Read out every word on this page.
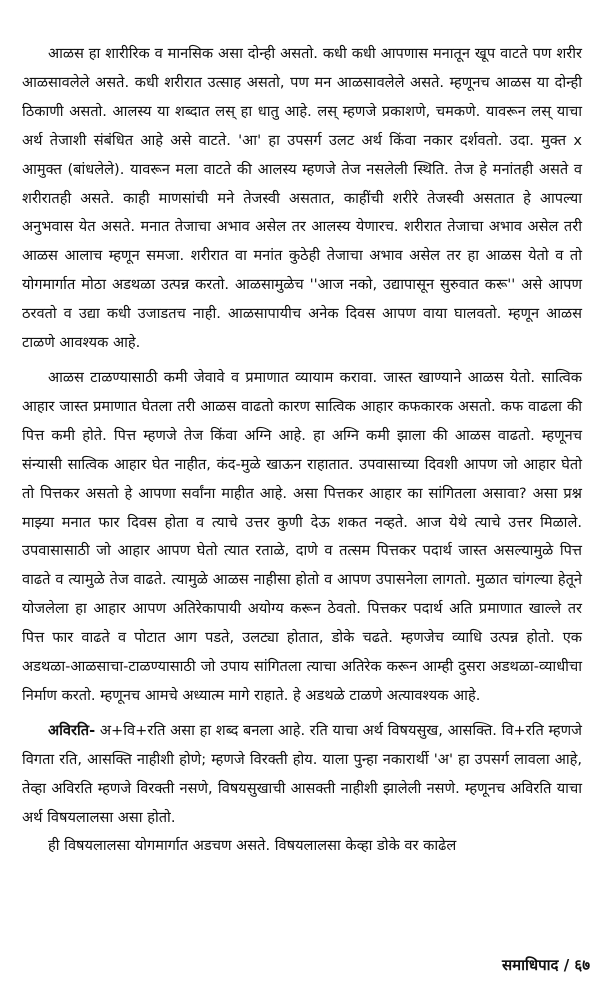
आळस हा शारीरिक व मानसिक असा दोन्ही असतो. कधी कधी आपणास मनातून खूप वाटते पण शरीर आळसावलेले असते. कधी शरीरात उत्साह असतो, पण मन आळसावलेले असते. म्हणूनच आळस या दोन्ही ठिकाणी असतो. आलस्य या शब्दात लस् हा धातु आहे. लस् म्हणजे प्रकाशणे, चमकणे. यावरून लस् याचा अर्थ तेजाशी संबंधित आहे असे वाटते. 'आ' हा उपसर्ग उलट अर्थ किंवा नकार दर्शवतो. उदा. मुक्त x आमुक्त (बांधलेले). यावरून मला वाटते की आलस्य म्हणजे तेज नसलेली स्थिति. तेज हे मनांतही असते व शरीरातही असते. काही माणसांची मने तेजस्वी असतात, काहींची शरीरे तेजस्वी असतात हे आपल्या अनुभवास येत असते. मनात तेजाचा अभाव असेल तर आलस्य येणारच. शरीरात तेजाचा अभाव असेल तरी आळस आलाच म्हणून समजा. शरीरात वा मनांत कुठेही तेजाचा अभाव असेल तर हा आळस येतो व तो योगमार्गात मोठा अडथळा उत्पन्न करतो. आळसामुळेच ''आज नको, उद्यापासून सुरुवात करू'' असे आपण ठरवतो व उद्या कधी उजाडतच नाही. आळसापायीच अनेक दिवस आपण वाया घालवतो. म्हणून आळस टाळणे आवश्यक आहे.

आळस टाळण्यासाठी कमी जेवावे व प्रमाणात व्यायाम करावा. जास्त खाण्याने आळस येतो. सात्विक आहार जास्त प्रमाणात घेतला तरी आळस वाढतो कारण सात्विक आहार कफकारक असतो. कफ वाढला की पित्त कमी होते. पित्त म्हणजे तेज किंवा अग्नि आहे. हा अग्नि कमी झाला की आळस वाढतो. म्हणूनच संन्यासी सात्विक आहार घेत नाहीत, कंद-मुळे खाऊन राहातात. उपवासाच्या दिवशी आपण जो आहार घेतो तो पित्तकर असतो हे आपणा सर्वांना माहीत आहे. असा पित्तकर आहार का सांगितला असावा? असा प्रश्न माझ्या मनात फार दिवस होता व त्याचे उत्तर कुणी देऊ शकत नव्हते. आज येथे त्याचे उत्तर मिळाले. उपवासासाठी जो आहार आपण घेतो त्यात रताळे, दाणे व तत्सम पित्तकर पदार्थ जास्त असल्यामुळे पित्त वाढते व त्यामुळे तेज वाढते. त्यामुळे आळस नाहीसा होतो व आपण उपासनेला लागतो. मुळात चांगल्या हेतूने योजलेला हा आहार आपण अतिरेकापायी अयोग्य करून ठेवतो. पित्तकर पदार्थ अति प्रमाणात खाल्ले तर पित्त फार वाढते व पोटात आग पडते, उलट्या होतात, डोके चढते. म्हणजेच व्याधि उत्पन्न होतो. एक अडथळा-आळसाचा-टाळण्यासाठी जो उपाय सांगितला त्याचा अतिरेक करून आम्ही दुसरा अडथळा-व्याधीचा निर्माण करतो. म्हणूनच आमचे अध्यात्म मागे राहाते. हे अडथळे टाळणे अत्यावश्यक आहे.

अविरति- अ+वि+रति असा हा शब्द बनला आहे. रति याचा अर्थ विषयसुख, आसक्ति. वि+रति म्हणजे विगता रति, आसक्ति नाहीशी होणे; म्हणजे विरक्ती होय. याला पुन्हा नकारार्थी 'अ' हा उपसर्ग लावला आहे, तेव्हा अविरति म्हणजे विरक्ती नसणे, विषयसुखाची आसक्ती नाहीशी झालेली नसणे. म्हणूनच अविरति याचा अर्थ विषयलालसा असा होतो.

ही विषयलालसा योगमार्गात अडचण असते. विषयलालसा केव्हा डोके वर काढेल

समाधिपाद / ६७
